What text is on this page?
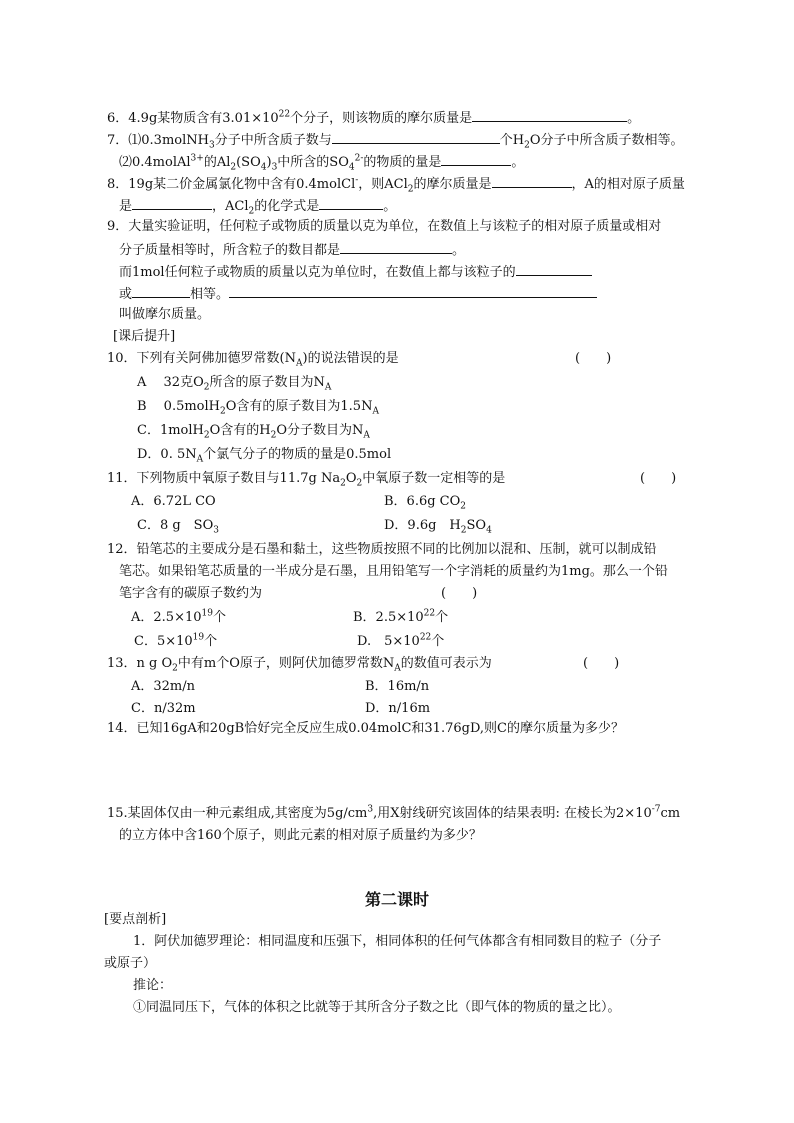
6．4.9g某物质含有$3.01\times 10^{22}$个分子，则该物质的摩尔质量是	。
7．⑴0.3molNH$_3$分子中所含质子数与	个$H_2O$分子中所含质子数相等。
⑵0.4molAl$^{3+}$的$Al_2(SO_4)_3$中所含的$SO_4^{2-}$的物质的量是	。
8．19g某二价金属氯化物中含有0.4molCl-，则ACl$_2$的摩尔质量是	，A的相对原子质量
是	，ACl$_2$的化学式是	。
9．大量实验证明，任何粒子或物质的质量以克为单位，在数值上与该粒子的相对原子质量或相对
分子质量相等时，所含粒子的数目都是	。
而1mol任何粒子或物质的质量以克为单位时，在数值上都与该粒子的
或	相等。
叫做摩尔质量。
[课后提升]
10．下列有关阿佛加德罗常数$(N_A)$的说法错误的是	(　　)
A　 32克$O_2$所含的原子数目为$N_A$
B　 0.5molH$_2$O含有的原子数目为$1.5N_A$
C．1molH$_2$O含有的$H_2O$分子数目为$N_A$
D．0. $5N_A$个氯气分子的物质的量是0.5mol
11．下列物质中氧原子数目与11.7g $Na_2O_2$中氧原子数一定相等的是	(　　)
A．6.72L CO	B．6.6g $CO_2$
C．8 g　$SO_3$	D．9.6g　$H_2SO_4$
12．铅笔芯的主要成分是石墨和黏土，这些物质按照不同的比例加以混和、压制，就可以制成铅
笔芯。如果铅笔芯质量的一半成分是石墨，且用铅笔写一个字消耗的质量约为1mg。那么一个铅
笔字含有的碳原子数约为	(　　)
A．$2.5\times 10^{19}$个	B．$2.5\times 10^{22}$个
C．$5\times 10^{19}$个	D.　$5\times 10^{22}$个
13．n g $O_2$中有m个O原子，则阿伏加德罗常数$N_A$的数值可表示为	(　　)
A．32m/n	B．16m/n
C．n/32m	D．n/16m
14．已知16gA和20gB恰好完全反应生成0.04molC和31.76gD,则C的摩尔质量为多少？
15.某固体仅由一种元素组成,其密度为$5g/cm^3$,用X射线研究该固体的结果表明: 在棱长为$2\times 10^{-7}cm$
的立方体中含160个原子，则此元素的相对原子质量约为多少？
第二课时
[要点剖析]
1．阿伏加德罗理论：相同温度和压强下，相同体积的任何气体都含有相同数目的粒子（分子
或原子）
推论：
①同温同压下，气体的体积之比就等于其所含分子数之比（即气体的物质的量之比）。
